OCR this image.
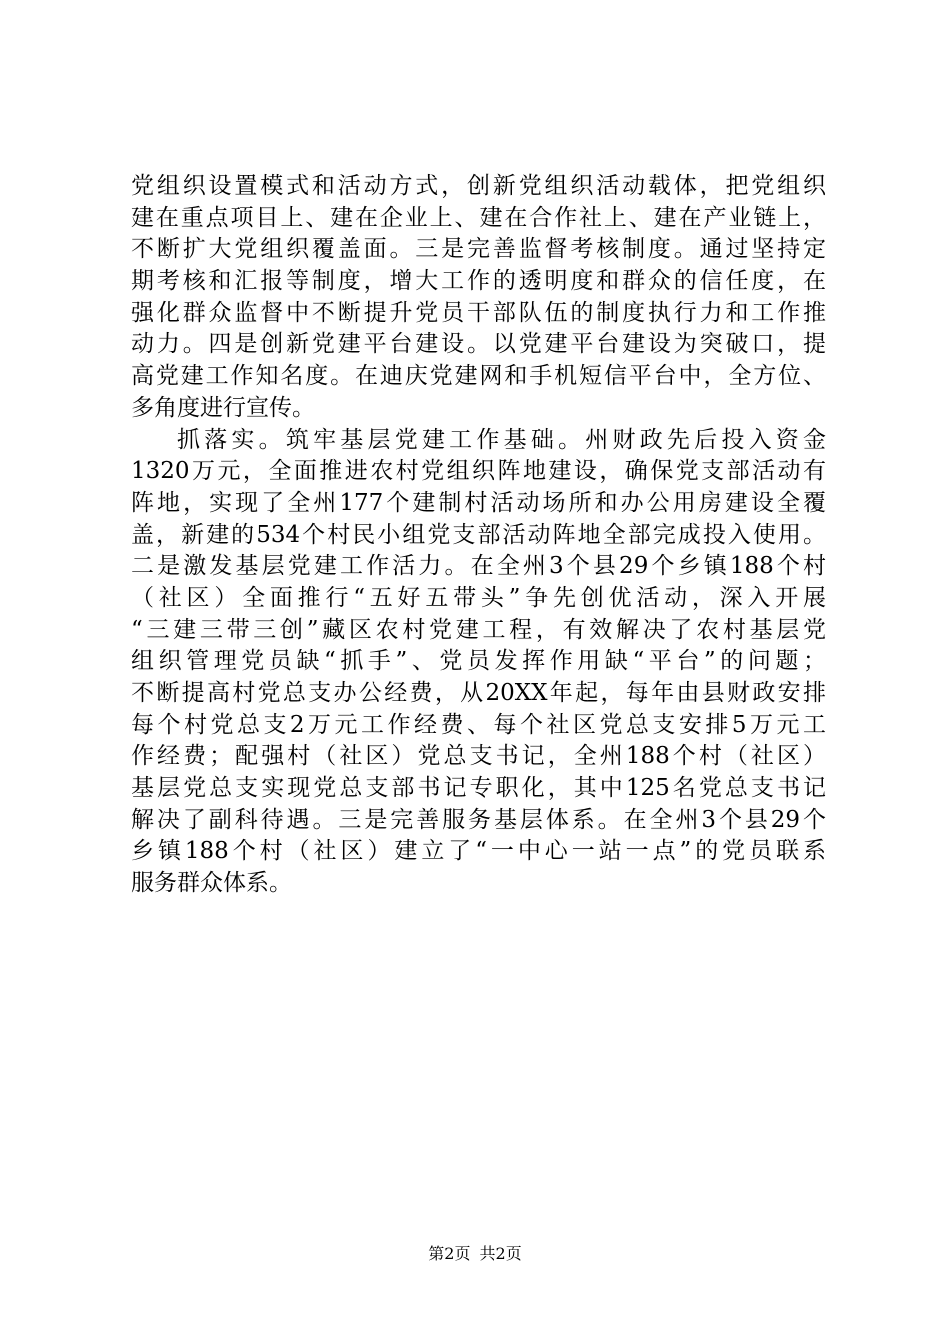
党组织设置模式和活动方式，创新党组织活动载体，把党组织
建在重点项目上、建在企业上、建在合作社上、建在产业链上，
不断扩大党组织覆盖面。三是完善监督考核制度。通过坚持定
期考核和汇报等制度，增大工作的透明度和群众的信任度，在
强化群众监督中不断提升党员干部队伍的制度执行力和工作推
动力。四是创新党建平台建设。以党建平台建设为突破口，提
高党建工作知名度。在迪庆党建网和手机短信平台中，全方位、
多角度进行宣传。
抓落实。筑牢基层党建工作基础。州财政先后投入资金
1320万元，全面推进农村党组织阵地建设，确保党支部活动有
阵地，实现了全州177个建制村活动场所和办公用房建设全覆
盖，新建的534个村民小组党支部活动阵地全部完成投入使用。
二是激发基层党建工作活力。在全州3个县29个乡镇188个村
（社区）全面推行“五好五带头”争先创优活动，深入开展
“三建三带三创”藏区农村党建工程，有效解决了农村基层党
组织管理党员缺“抓手”、党员发挥作用缺“平台”的问题；
不断提高村党总支办公经费，从20XX年起，每年由县财政安排
每个村党总支2万元工作经费、每个社区党总支安排5万元工
作经费；配强村（社区）党总支书记，全州188个村（社区）
基层党总支实现党总支部书记专职化，其中125名党总支书记
解决了副科待遇。三是完善服务基层体系。在全州3个县29个
乡镇188个村（社区）建立了“一中心一站一点”的党员联系
服务群众体系。
第2页 共2页
